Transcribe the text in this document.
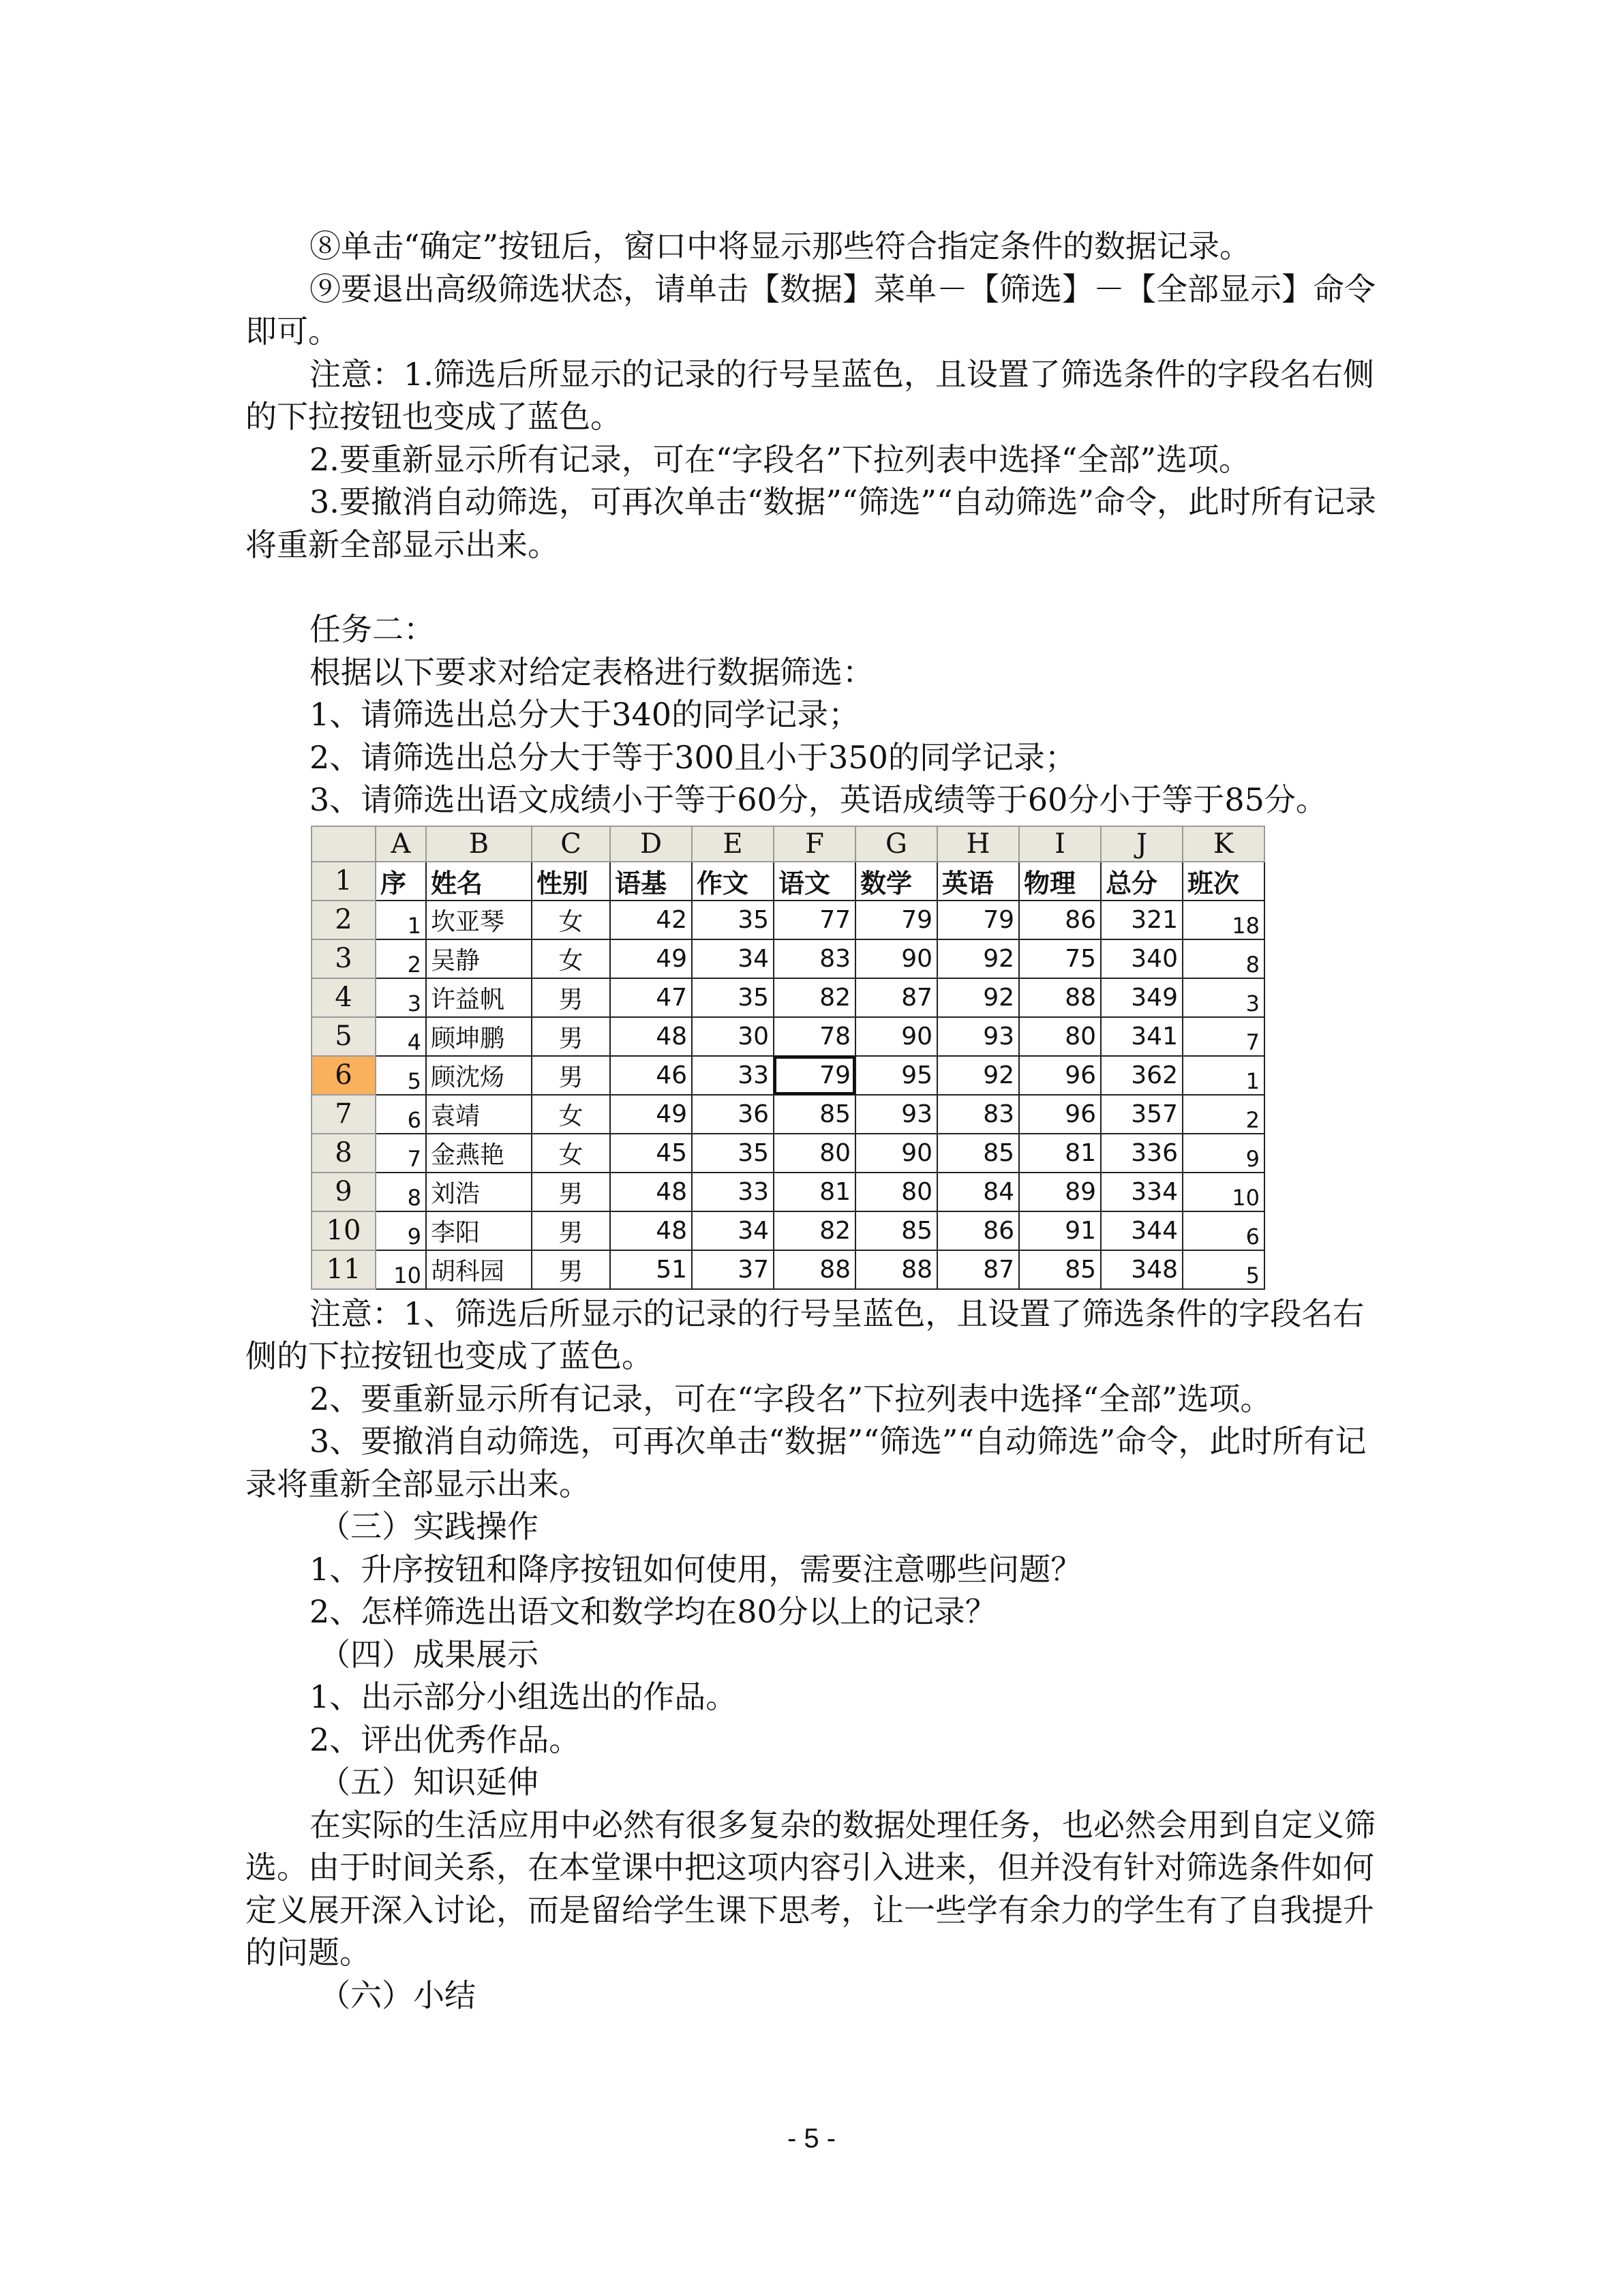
⑧单击“确定”按钮后，窗口中将显示那些符合指定条件的数据记录。

⑨要退出高级筛选状态，请单击【数据】菜单－【筛选】－【全部显示】命令即可。

注意：1.筛选后所显示的记录的行号呈蓝色，且设置了筛选条件的字段名右侧的下拉按钮也变成了蓝色。

2.要重新显示所有记录，可在“字段名”下拉列表中选择“全部”选项。

3.要撤消自动筛选，可再次单击“数据”“筛选”“自动筛选”命令，此时所有记录将重新全部显示出来。

任务二：

根据以下要求对给定表格进行数据筛选：

1、请筛选出总分大于340的同学记录；

2、请筛选出总分大于等于300且小于350的同学记录；

3、请筛选出语文成绩小于等于60分，英语成绩等于60分小于等于85分。

	A	B	C	D	E	F	G	H	I	J	K
1	序	姓名	性别	语基	作文	语文	数学	英语	物理	总分	班次
2	1	坎亚琴	女	42	35	77	79	79	86	321	18
3	2	吴静	女	49	34	83	90	92	75	340	8
4	3	许益帆	男	47	35	82	87	92	88	349	3
5	4	顾坤鹏	男	48	30	78	90	93	80	341	7
6	5	顾沈炀	男	46	33	79	95	92	96	362	1
7	6	袁靖	女	49	36	85	93	83	96	357	2
8	7	金燕艳	女	45	35	80	90	85	81	336	9
9	8	刘浩	男	48	33	81	80	84	89	334	10
10	9	李阳	男	48	34	82	85	86	91	344	6
11	10	胡科园	男	51	37	88	88	87	85	348	5

注意：1、筛选后所显示的记录的行号呈蓝色，且设置了筛选条件的字段名右侧的下拉按钮也变成了蓝色。

2、要重新显示所有记录，可在“字段名”下拉列表中选择“全部”选项。

3、要撤消自动筛选，可再次单击“数据”“筛选”“自动筛选”命令，此时所有记录将重新全部显示出来。

（三）实践操作

1、升序按钮和降序按钮如何使用，需要注意哪些问题？

2、怎样筛选出语文和数学均在80分以上的记录？

（四）成果展示

1、出示部分小组选出的作品。

2、评出优秀作品。

（五）知识延伸

在实际的生活应用中必然有很多复杂的数据处理任务，也必然会用到自定义筛选。由于时间关系，在本堂课中把这项内容引入进来，但并没有针对筛选条件如何定义展开深入讨论，而是留给学生课下思考，让一些学有余力的学生有了自我提升的问题。

（六）小结

- 5 -
